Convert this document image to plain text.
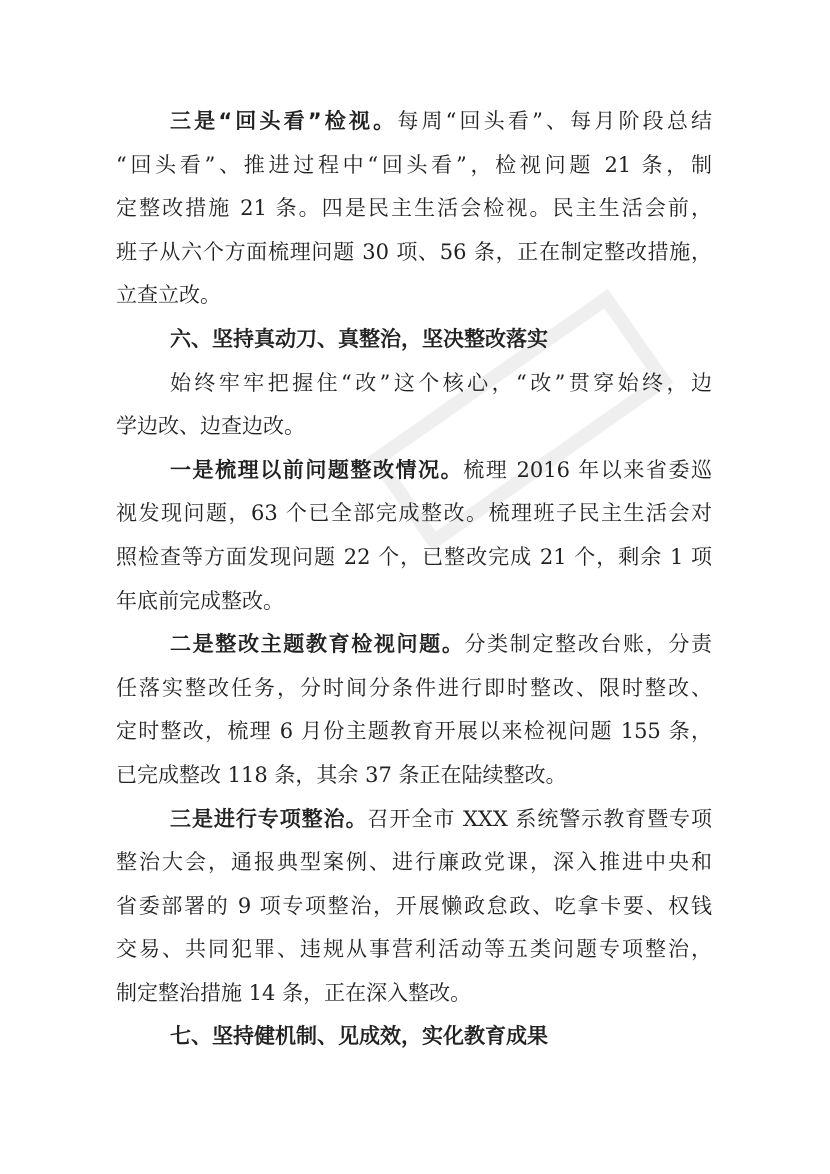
三是“回头看”检视。每周“回头看”、每月阶段总结
“回头看”、推进过程中“回头看”，检视问题 21 条，制
定整改措施 21 条。四是民主生活会检视。民主生活会前，
班子从六个方面梳理问题 30 项、56 条，正在制定整改措施，
立查立改。
六、坚持真动刀、真整治，坚决整改落实
始终牢牢把握住“改”这个核心，“改”贯穿始终，边
学边改、边查边改。
一是梳理以前问题整改情况。梳理 2016 年以来省委巡
视发现问题，63 个已全部完成整改。梳理班子民主生活会对
照检查等方面发现问题 22 个，已整改完成 21 个，剩余 1 项
年底前完成整改。
二是整改主题教育检视问题。分类制定整改台账，分责
任落实整改任务，分时间分条件进行即时整改、限时整改、
定时整改，梳理 6 月份主题教育开展以来检视问题 155 条，
已完成整改 118 条，其余 37 条正在陆续整改。
三是进行专项整治。召开全市 XXX 系统警示教育暨专项
整治大会，通报典型案例、进行廉政党课，深入推进中央和
省委部署的 9 项专项整治，开展懒政怠政、吃拿卡要、权钱
交易、共同犯罪、违规从事营利活动等五类问题专项整治，
制定整治措施 14 条，正在深入整改。
七、坚持健机制、见成效，实化教育成果
